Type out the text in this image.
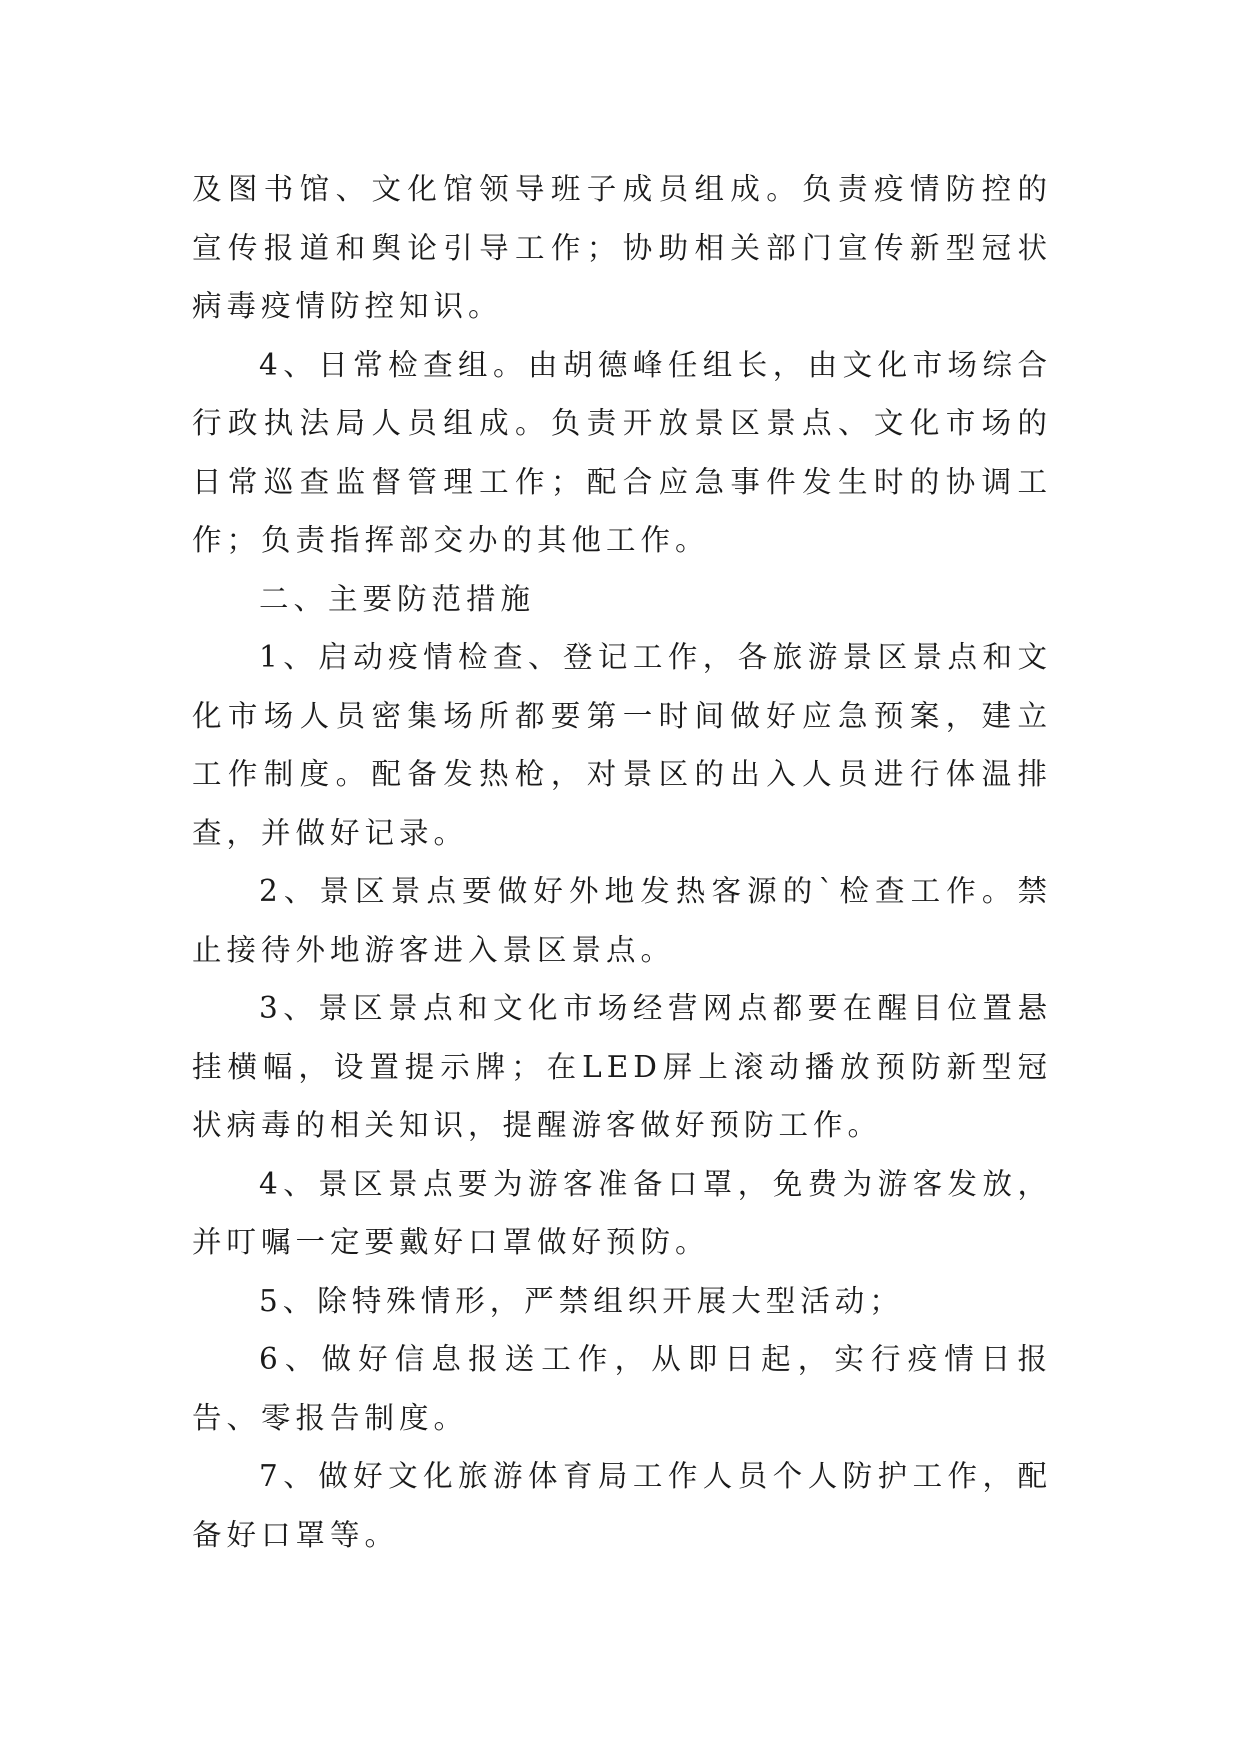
及图书馆、文化馆领导班子成员组成。负责疫情防控的宣传报道和舆论引导工作；协助相关部门宣传新型冠状病毒疫情防控知识。

4、日常检查组。由胡德峰任组长，由文化市场综合行政执法局人员组成。负责开放景区景点、文化市场的日常巡查监督管理工作；配合应急事件发生时的协调工作；负责指挥部交办的其他工作。

二、主要防范措施

1、启动疫情检查、登记工作，各旅游景区景点和文化市场人员密集场所都要第一时间做好应急预案，建立工作制度。配备发热枪，对景区的出入人员进行体温排查，并做好记录。

2、景区景点要做好外地发热客源的`检查工作。禁止接待外地游客进入景区景点。

3、景区景点和文化市场经营网点都要在醒目位置悬挂横幅，设置提示牌；在LED屏上滚动播放预防新型冠状病毒的相关知识，提醒游客做好预防工作。

4、景区景点要为游客准备口罩，免费为游客发放，并叮嘱一定要戴好口罩做好预防。

5、除特殊情形，严禁组织开展大型活动；

6、做好信息报送工作，从即日起，实行疫情日报告、零报告制度。

7、做好文化旅游体育局工作人员个人防护工作，配备好口罩等。
